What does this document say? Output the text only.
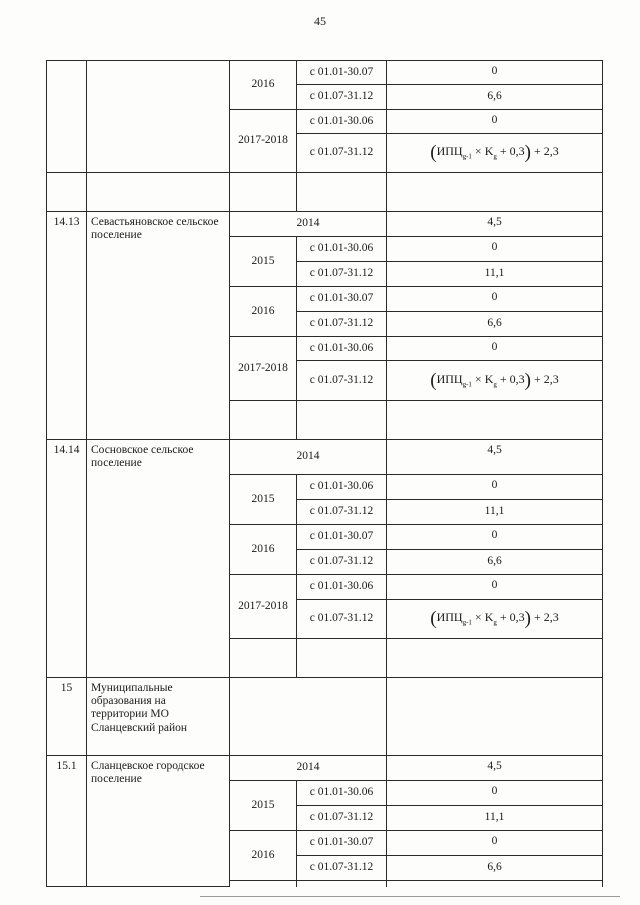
45
		2016	с 01.01-30.07	0
			с 01.07-31.12	6,6
		2017-2018	с 01.01-30.06	0
			с 01.07-31.12	$(ИПЦ_{g-1} \times K_g + 0,3) + 2,3$

14.13	Севастьяновское сельское поселение	2014		4,5
		2015	с 01.01-30.06	0
			с 01.07-31.12	11,1
		2016	с 01.01-30.07	0
			с 01.07-31.12	6,6
		2017-2018	с 01.01-30.06	0
			с 01.07-31.12	$(ИПЦ_{g-1} \times K_g + 0,3) + 2,3$

14.14	Сосновское сельское поселение	2014		4,5
		2015	с 01.01-30.06	0
			с 01.07-31.12	11,1
		2016	с 01.01-30.07	0
			с 01.07-31.12	6,6
		2017-2018	с 01.01-30.06	0
			с 01.07-31.12	$(ИПЦ_{g-1} \times K_g + 0,3) + 2,3$

15	Муниципальные образования на территории МО Сланцевский район			
15.1	Сланцевское городское поселение	2014		4,5
		2015	с 01.01-30.06	0
			с 01.07-31.12	11,1
		2016	с 01.01-30.07	0
			с 01.07-31.12	6,6
